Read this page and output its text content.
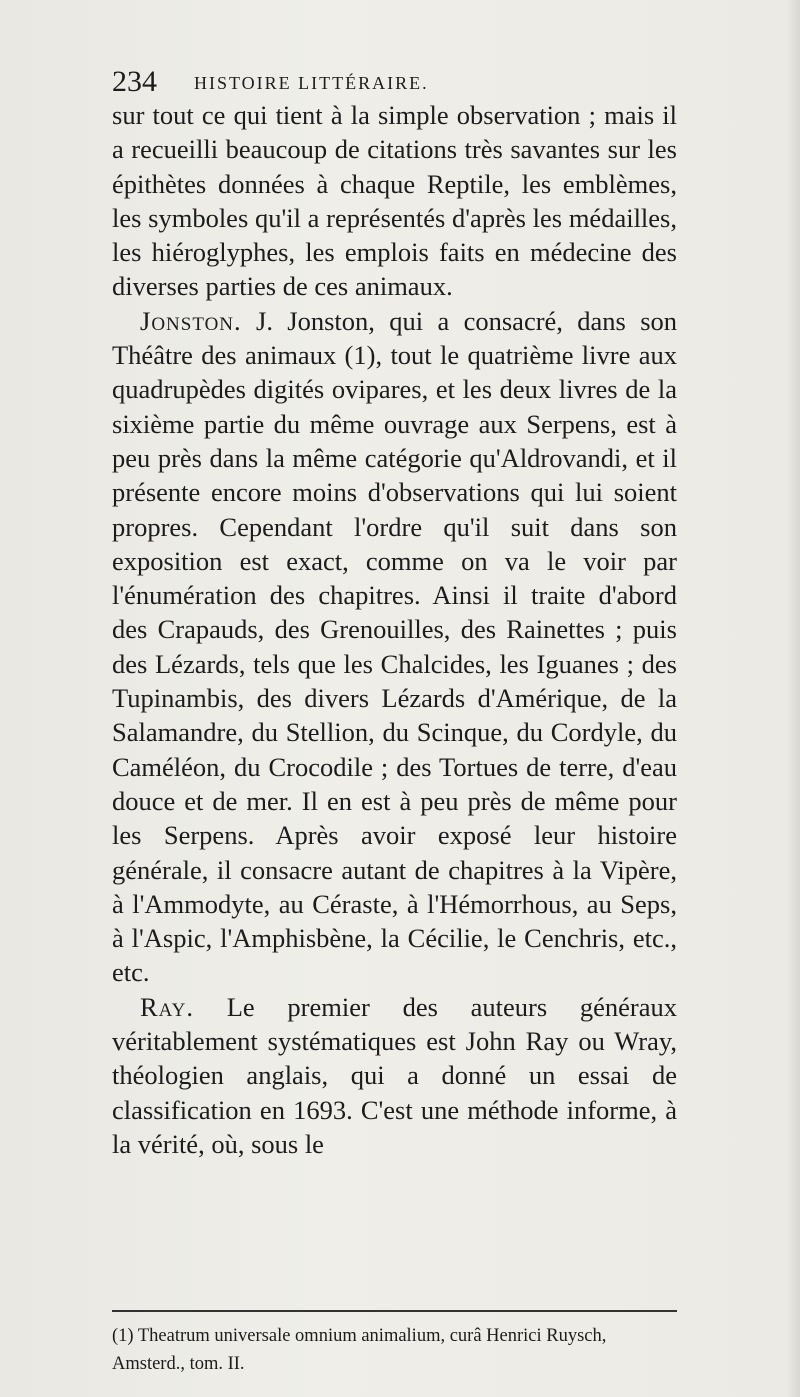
234 HISTOIRE LITTÉRAIRE.

sur tout ce qui tient à la simple observation ; mais il a recueilli beaucoup de citations très savantes sur les épithètes données à chaque Reptile, les emblèmes, les symboles qu'il a représentés d'après les médailles, les hiéroglyphes, les emplois faits en médecine des diverses parties de ces animaux.

Jonston. J. Jonston, qui a consacré, dans son Théâtre des animaux (1), tout le quatrième livre aux quadrupèdes digités ovipares, et les deux livres de la sixième partie du même ouvrage aux Serpens, est à peu près dans la même catégorie qu'Aldrovandi, et il présente encore moins d'observations qui lui soient propres. Cependant l'ordre qu'il suit dans son exposition est exact, comme on va le voir par l'énumération des chapitres. Ainsi il traite d'abord des Crapauds, des Grenouilles, des Rainettes ; puis des Lézards, tels que les Chalcides, les Iguanes ; des Tupinambis, des divers Lézards d'Amérique, de la Salamandre, du Stellion, du Scinque, du Cordyle, du Caméléon, du Crocodile ; des Tortues de terre, d'eau douce et de mer. Il en est à peu près de même pour les Serpens. Après avoir exposé leur histoire générale, il consacre autant de chapitres à la Vipère, à l'Ammodyte, au Céraste, à l'Hémorrhous, au Seps, à l'Aspic, l'Amphisbène, la Cécilie, le Cenchris, etc., etc.

Ray. Le premier des auteurs généraux véritablement systématiques est John Ray ou Wray, théologien anglais, qui a donné un essai de classification en 1693. C'est une méthode informe, à la vérité, où, sous le

(1) Theatrum universale omnium animalium, curâ Henrici Ruysch,

Amsterd., tom. II.
